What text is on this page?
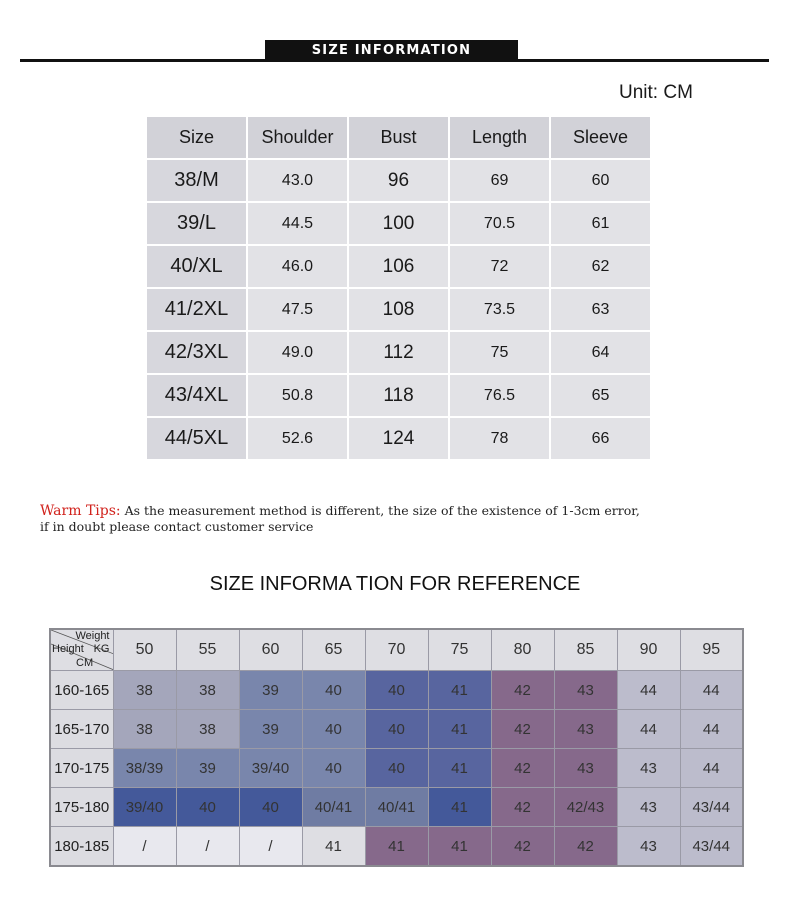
SIZE INFORMATION
Unit: CM
Size	Shoulder	Bust	Length	Sleeve
38/M	43.0	96	69	60
39/L	44.5	100	70.5	61
40/XL	46.0	106	72	62
41/2XL	47.5	108	73.5	63
42/3XL	49.0	112	75	64
43/4XL	50.8	118	76.5	65
44/5XL	52.6	124	78	66
Warm Tips: As the measurement method is different, the size of the existence of 1-3cm error,
if in doubt please contact customer service
SIZE INFORMA TION FOR REFERENCE
Weight
Height KG
CM	50	55	60	65	70	75	80	85	90	95
160-165	38	38	39	40	40	41	42	43	44	44
165-170	38	38	39	40	40	41	42	43	44	44
170-175	38/39	39	39/40	40	40	41	42	43	43	44
175-180	39/40	40	40	40/41	40/41	41	42	42/43	43	43/44
180-185	/	/	/	41	41	41	42	42	43	43/44
